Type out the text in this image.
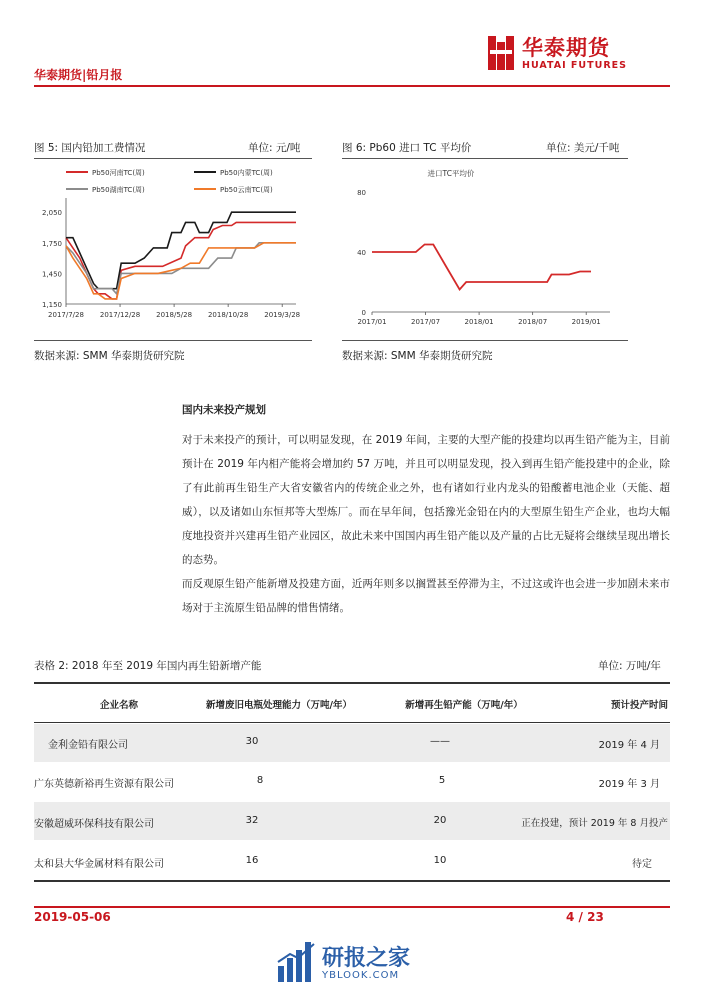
华泰期货|铅月报
华泰期货
HUATAI FUTURES
图 5: 国内铅加工费情况	单位: 元/吨
Pb50河南TC(周)	Pb50内蒙TC(周)
Pb50湖南TC(周)	Pb50云南TC(周)
1,150
1,450
1,750
2,050
2017/7/28 2017/12/28 2018/5/28 2018/10/28 2019/3/28
数据来源: SMM 华泰期货研究院
图 6: Pb60 进口 TC 平均价	单位: 美元/千吨
进口TC平均价
0
40
80
2017/01	2017/07	2018/01	2018/07	2019/01
数据来源: SMM 华泰期货研究院
国内未来投产规划
对于未来投产的预计，可以明显发现，在 2019 年间，主要的大型产能的投建均以再生铅产能为主，目前预计在 2019 年内相产能将会增加约 57 万吨，并且可以明显发现，投入到再生铅产能投建中的企业，除了有此前再生铅生产大省安徽省内的传统企业之外，也有诸如行业内龙头的铅酸蓄电池企业（天能、超威），以及诸如山东恒邦等大型炼厂。而在早年间，包括豫光金铅在内的大型原生铅生产企业，也均大幅度地投资并兴建再生铅产业园区，故此未来中国国内再生铅产能以及产量的占比无疑将会继续呈现出增长的态势。
而反观原生铅产能新增及投建方面，近两年则多以搁置甚至停滞为主，不过这或许也会进一步加剧未来市场对于主流原生铅品牌的惜售情绪。
表格 2: 2018 年至 2019 年国内再生铅新增产能	单位: 万吨/年
企业名称	新增废旧电瓶处理能力（万吨/年）	新增再生铅产能（万吨/年）	预计投产时间
金利金铅有限公司	30	——	2019 年 4 月
广东英德新裕再生资源有限公司	8	5	2019 年 3 月
安徽超威环保科技有限公司	32	20	正在投建，预计 2019 年 8 月投产
太和县大华金属材料有限公司	16	10	待定
2019-05-06	4 / 23
研报之家
YBLOOK.COM
